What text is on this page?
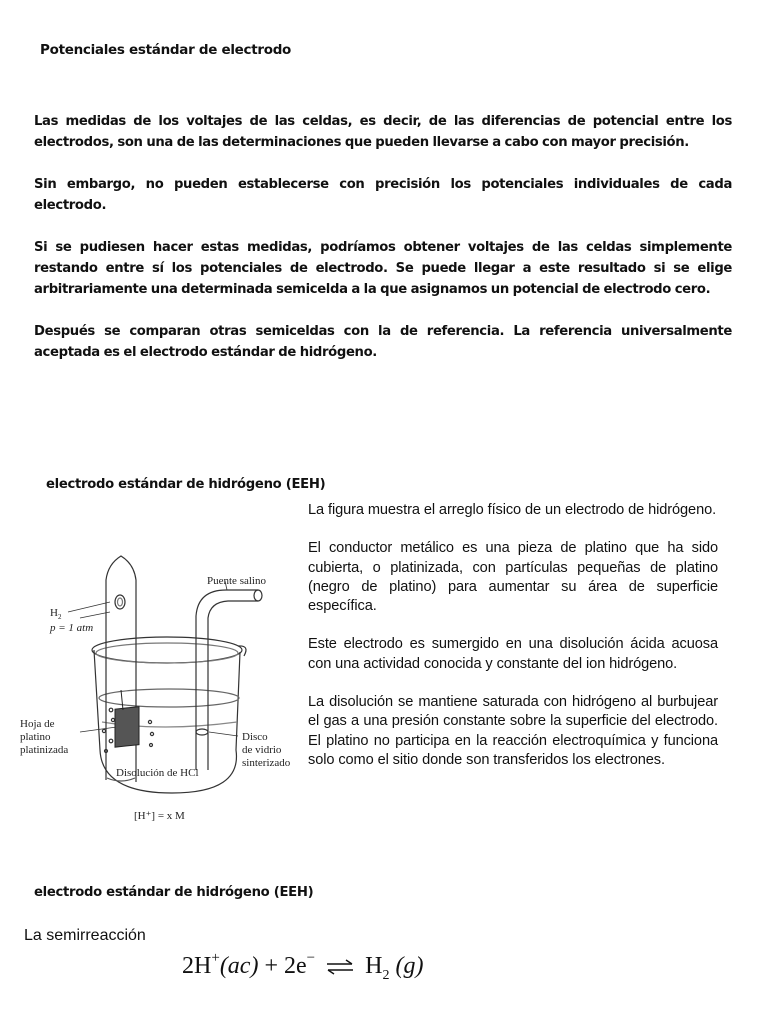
Potenciales estándar de electrodo

Las medidas de los voltajes de las celdas, es decir, de las diferencias de potencial entre los electrodos, son una de las determinaciones que pueden llevarse a cabo con mayor precisión.

Sin embargo, no pueden establecerse con precisión los potenciales individuales de cada electrodo.

Si se pudiesen hacer estas medidas, podríamos obtener voltajes de las celdas simplemente restando entre sí los potenciales de electrodo. Se puede llegar a este resultado si se elige arbitrariamente una determinada semicelda a la que asignamos un potencial de electrodo cero.

Después se comparan otras semiceldas con la de referencia. La referencia universalmente aceptada es el electrodo estándar de hidrógeno.

electrodo estándar de hidrógeno (EEH)
Puente salino
$H_2$
p = 1 atm
Hoja de
platino
platinizada
Disco
de vidrio
sinterizado
Disolución de HCl
[H⁺] = x M

La figura muestra el arreglo físico de un electrodo de hidrógeno.

El conductor metálico es una pieza de platino que ha sido cubierta, o platinizada, con partículas pequeñas de platino (negro de platino) para aumentar su área de superficie específica.

Este electrodo es sumergido en una disolución ácida acuosa con una actividad conocida y constante del ion hidrógeno.

La disolución se mantiene saturada con hidrógeno al burbujear el gas a una presión constante sobre la superficie del electrodo. El platino no participa en la reacción electroquímica y funciona solo como el sitio donde son transferidos los electrones.

electrodo estándar de hidrógeno (EEH)
La semirreacción
2H+(ac) + 2e− ⇌ $H_2$ (g)
